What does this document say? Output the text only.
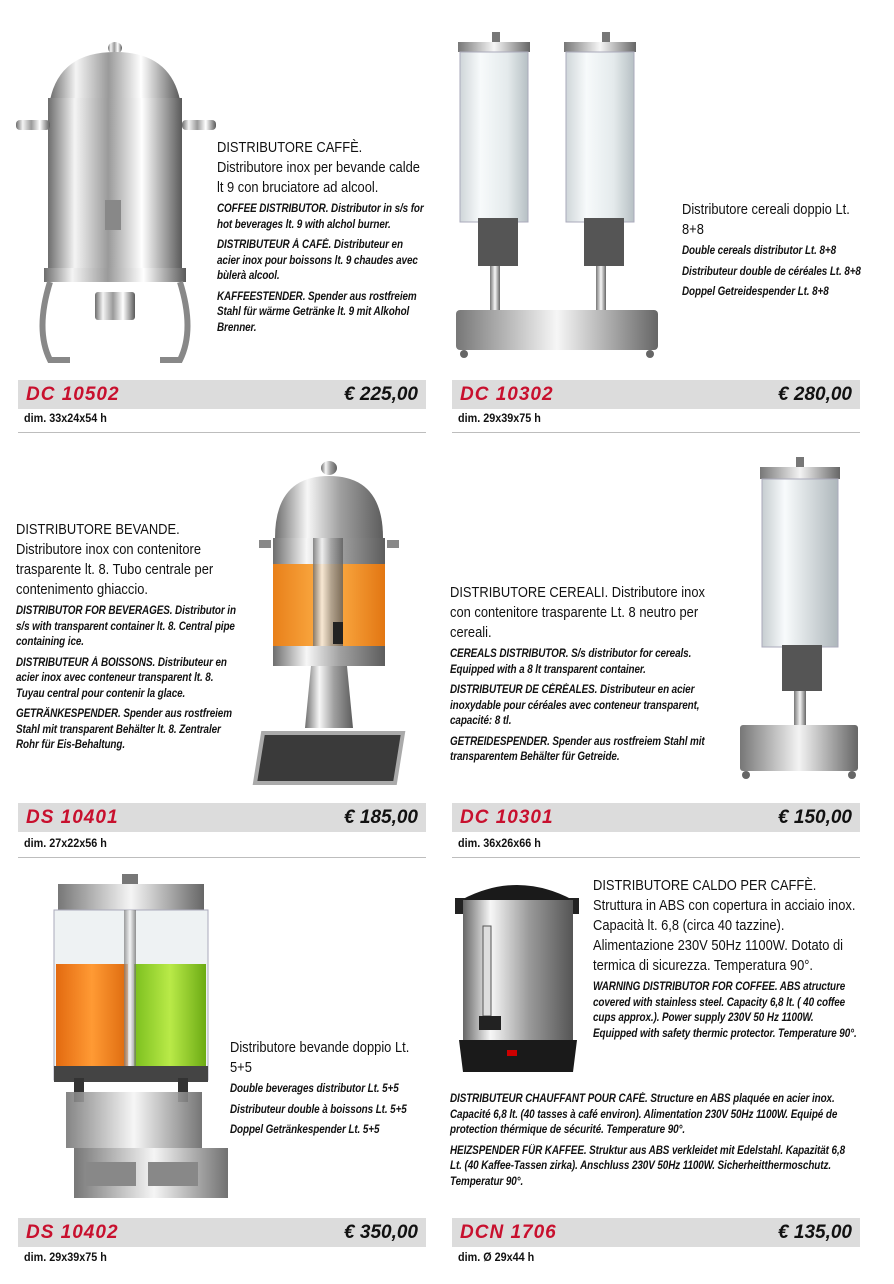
DISTRIBUTORE CAFFÈ. Distributore inox per bevande calde lt 9 con bruciatore ad alcool.

COFFEE DISTRIBUTOR. Distributor in s/s for hot beverages lt. 9 with alchol burner.

DISTRIBUTEUR À CAFÉ. Distributeur en acier inox pour boissons lt. 9 chaudes avec bùlerà alcool.

KAFFEESTENDER. Spender aus rostfreiem Stahl für wärme Getränke lt. 9 mit Alkohol Brenner.

DC 10502	€ 225,00
dim. 33x24x54 h

Distributore cereali doppio Lt. 8+8

Double cereals distributor Lt. 8+8

Distributeur double de céréales Lt. 8+8

Doppel Getreidespender Lt. 8+8

DC 10302	€ 280,00
dim. 29x39x75 h

DISTRIBUTORE BEVANDE. Distributore inox con contenitore trasparente lt. 8. Tubo centrale per contenimento ghiaccio.

DISTRIBUTOR FOR BEVERAGES. Distributor in s/s with transparent container lt. 8. Central pipe containing ice.

DISTRIBUTEUR À BOISSONS. Distributeur en acier inox avec conteneur transparent lt. 8. Tuyau central pour contenir la glace.

GETRÄNKESPENDER. Spender aus rostfreiem Stahl mit transparent Behälter lt. 8. Zentraler Rohr für Eis-Behaltung.

DS 10401	€ 185,00
dim. 27x22x56 h

DISTRIBUTORE CEREALI. Distributore inox con contenitore trasparente Lt. 8 neutro per cereali.

CEREALS DISTRIBUTOR. S/s distributor for cereals. Equipped with a 8 lt transparent container.

DISTRIBUTEUR DE CÉRÉALES. Distributeur en acier inoxydable pour céréales avec conteneur transparent, capacité: 8 tl.

GETREIDESPENDER. Spender aus rostfreiem Stahl mit transparentem Behälter für Getreide.

DC 10301	€ 150,00
dim. 36x26x66 h

Distributore bevande doppio Lt. 5+5

Double beverages distributor Lt. 5+5

Distributeur double à boissons Lt. 5+5

Doppel Getränkespender Lt. 5+5

DS 10402	€ 350,00
dim. 29x39x75 h

DISTRIBUTORE CALDO PER CAFFÈ. Struttura in ABS con copertura in acciaio inox. Capacità lt. 6,8 (circa 40 tazzine). Alimentazione 230V 50Hz 1100W. Dotato di termica di sicurezza. Temperatura 90°.

WARNING DISTRIBUTOR FOR COFFEE. ABS atructure covered with stainless steel. Capacity 6,8 lt. ( 40 coffee cups approx.). Power supply 230V 50 Hz 1100W. Equipped with safety thermic protector. Temperature 90°.

DISTRIBUTEUR CHAUFFANT POUR CAFÉ. Structure en ABS plaquée en acier inox. Capacité 6,8 lt. (40 tasses à café environ). Alimentation 230V 50Hz 1100W. Equipé de protection thérmique de sécurité. Temperature 90°.

HEIZSPENDER FÜR KAFFEE. Struktur aus ABS verkleidet mit Edelstahl. Kapazität 6,8 Lt. (40 Kaffee-Tassen zirka). Anschluss 230V 50Hz 1100W. Sicherheitthermoschutz. Temperatur 90°.

DCN 1706	€ 135,00
dim. Ø 29x44 h
